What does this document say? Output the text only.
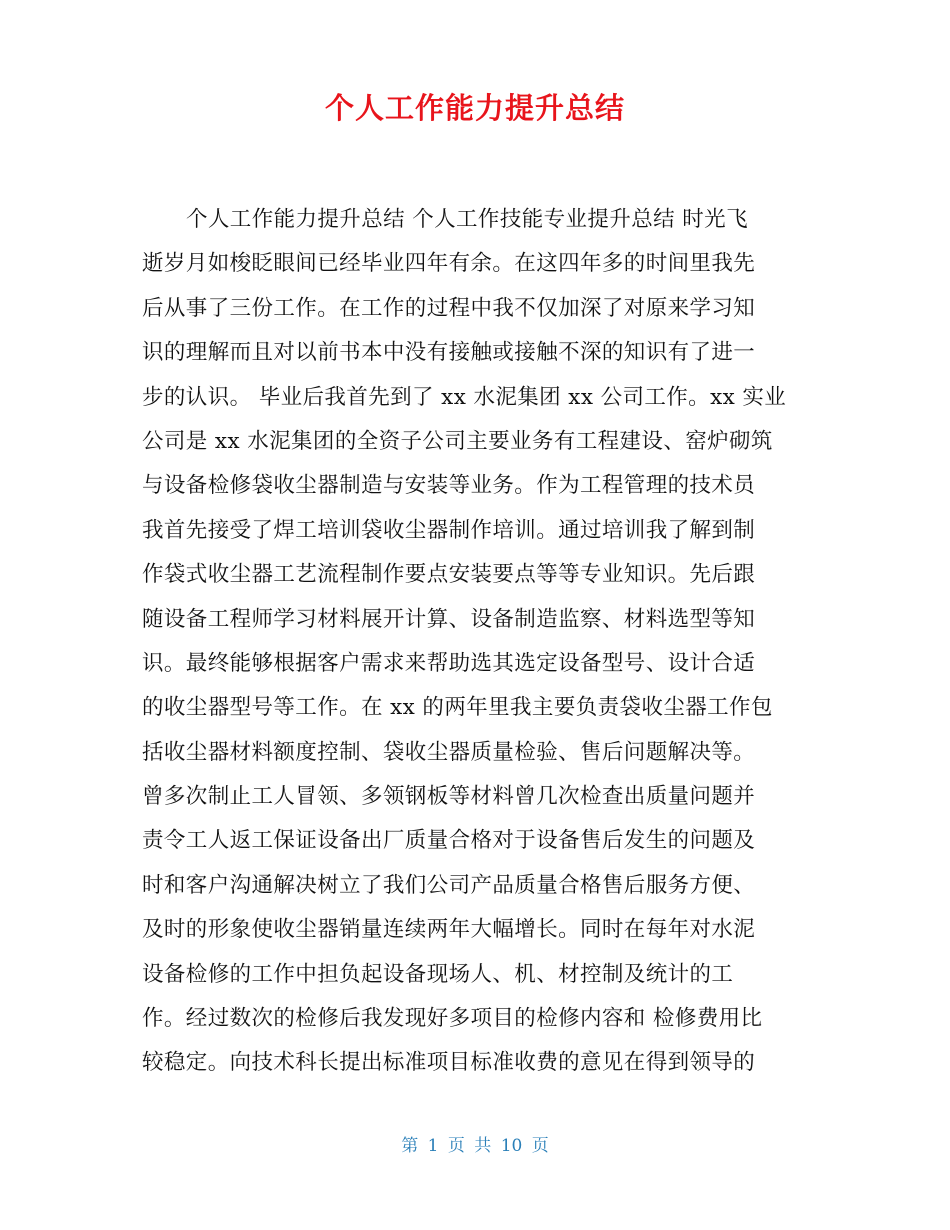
个人工作能力提升总结
个人工作能力提升总结 个人工作技能专业提升总结 时光飞
逝岁月如梭眨眼间已经毕业四年有余。在这四年多的时间里我先
后从事了三份工作。在工作的过程中我不仅加深了对原来学习知
识的理解而且对以前书本中没有接触或接触不深的知识有了进一
步的认识。 毕业后我首先到了 xx 水泥集团 xx 公司工作。xx 实业
公司是 xx 水泥集团的全资子公司主要业务有工程建设、窑炉砌筑
与设备检修袋收尘器制造与安装等业务。作为工程管理的技术员
我首先接受了焊工培训袋收尘器制作培训。通过培训我了解到制
作袋式收尘器工艺流程制作要点安装要点等等专业知识。先后跟
随设备工程师学习材料展开计算、设备制造监察、材料选型等知
识。最终能够根据客户需求来帮助选其选定设备型号、设计合适
的收尘器型号等工作。在 xx 的两年里我主要负责袋收尘器工作包
括收尘器材料额度控制、袋收尘器质量检验、售后问题解决等。
曾多次制止工人冒领、多领钢板等材料曾几次检查出质量问题并
责令工人返工保证设备出厂质量合格对于设备售后发生的问题及
时和客户沟通解决树立了我们公司产品质量合格售后服务方便、
及时的形象使收尘器销量连续两年大幅增长。同时在每年对水泥
设备检修的工作中担负起设备现场人、机、材控制及统计的工
作。经过数次的检修后我发现好多项目的检修内容和 检修费用比
较稳定。向技术科长提出标准项目标准收费的意见在得到领导的
第 1 页 共 10 页
